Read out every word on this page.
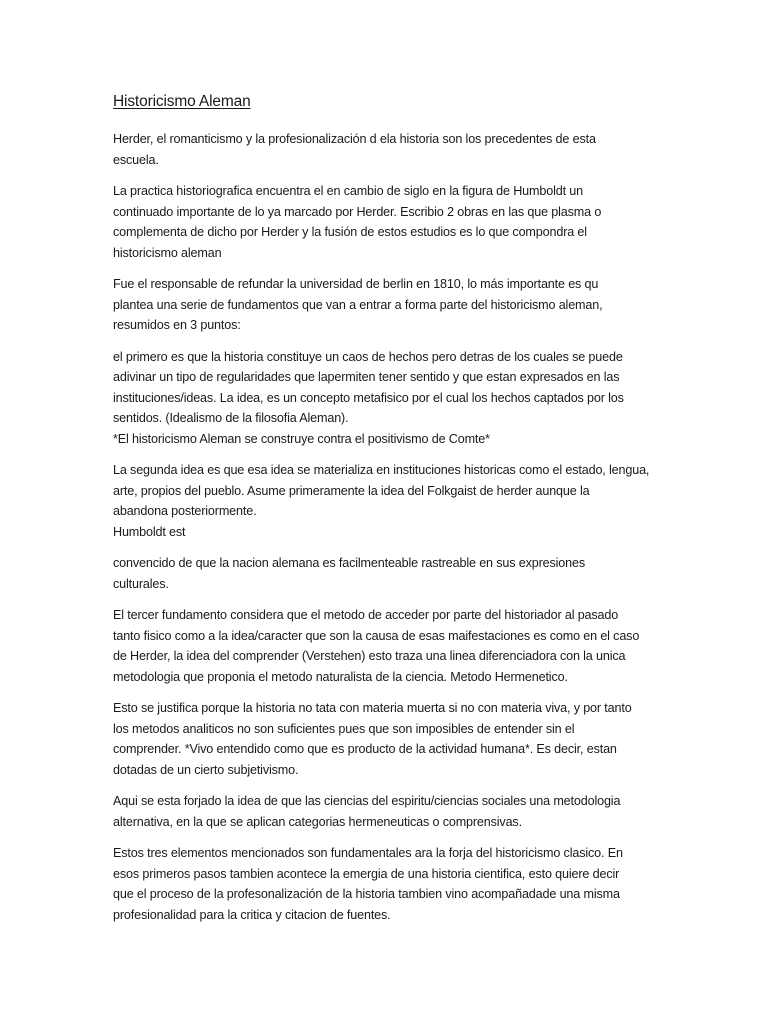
Historicismo Aleman
Herder, el romanticismo y la profesionalización d ela historia son los precedentes de esta
escuela.
La practica historiografica encuentra el en cambio de siglo en la figura de Humboldt un
continuado importante de lo ya marcado por Herder. Escribio 2 obras en las que plasma o
complementa de dicho por Herder y la fusión de estos estudios es lo que compondra el
historicismo aleman
Fue el responsable de refundar la universidad de berlin en 1810, lo más importante es qu
plantea una serie de fundamentos que van a entrar a forma parte del historicismo aleman,
resumidos en 3 puntos:
el primero es que la historia constituye un caos de hechos pero detras de los cuales se puede
adivinar un tipo de regularidades que lapermiten tener sentido y que estan expresados en las
instituciones/ideas. La idea, es un concepto metafisico por el cual los hechos captados por los
sentidos. (Idealismo de la filosofia Aleman).
*El historicismo Aleman se construye contra el positivismo de Comte*
La segunda idea es que esa idea se materializa en instituciones historicas como el estado, lengua,
arte, propios del pueblo. Asume primeramente la idea del Folkgaist de herder aunque la
abandona posteriormente.
Humboldt est
convencido de que la nacion alemana es facilmenteable rastreable en sus expresiones
culturales.
El tercer fundamento considera que el metodo de acceder por parte del historiador al pasado
tanto fisico como a la idea/caracter que son la causa de esas maifestaciones es como en el caso
de Herder, la idea del comprender (Verstehen) esto traza una linea diferenciadora con la unica
metodologia que proponia el metodo naturalista de la ciencia. Metodo Hermenetico.
Esto se justifica porque la historia no tata con materia muerta si no con materia viva, y por tanto
los metodos analiticos no son suficientes pues que son imposibles de entender sin el
comprender. *Vivo entendido como que es producto de la actividad humana*. Es decir, estan
dotadas de un cierto subjetivismo.
Aqui se esta forjado la idea de que las ciencias del espiritu/ciencias sociales una metodologia
alternativa, en la que se aplican categorias hermeneuticas o comprensivas.
Estos tres elementos mencionados son fundamentales ara la forja del historicismo clasico. En
esos primeros pasos tambien acontece la emergia de una historia cientifica, esto quiere decir
que el proceso de la profesonalización de la historia tambien vino acompañadade una misma
profesionalidad para la critica y citacion de fuentes.
